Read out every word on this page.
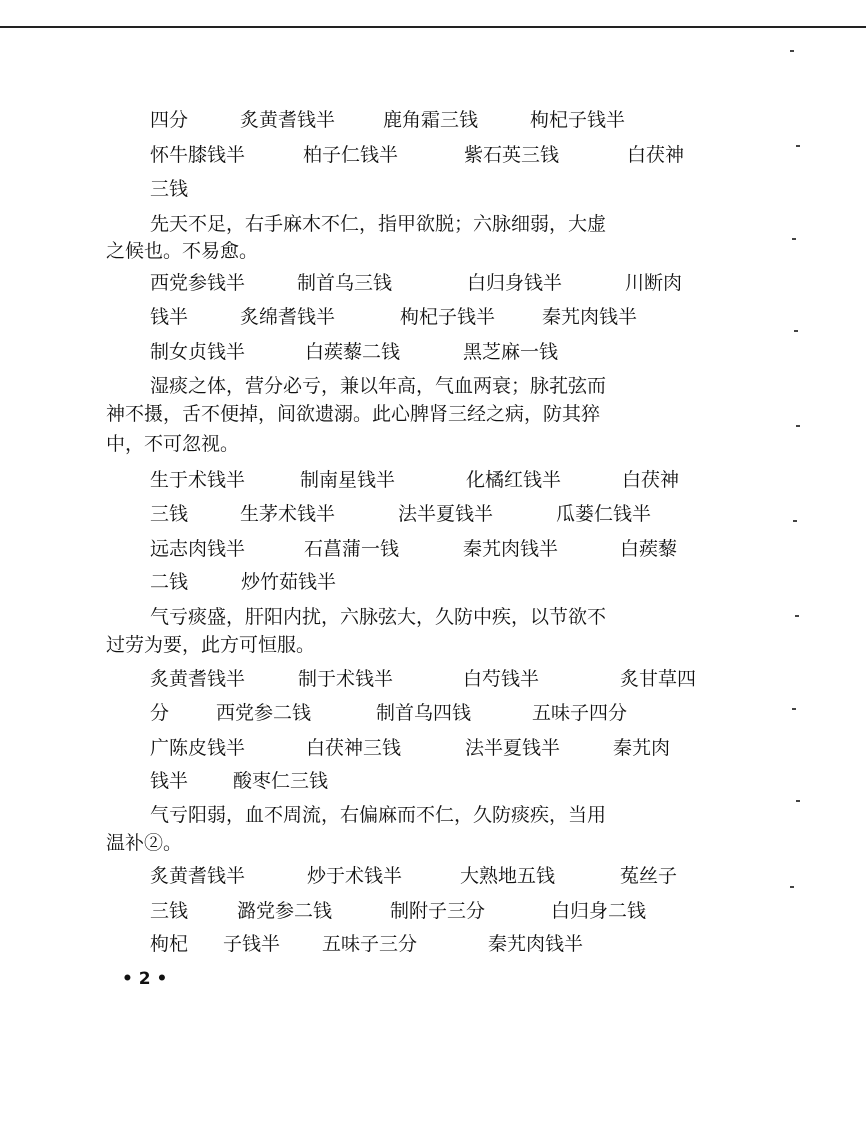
先天不足，右手麻木不仁，指甲欲脱；六脉细弱，大虚
之候也。不易愈。
湿痰之体，营分必亏，兼以年高，气血两衰；脉芤弦而
神不摄，舌不便掉，间欲遗溺。此心脾肾三经之病，防其猝
中，不可忽视。
气亏痰盛，肝阳内扰，六脉弦大，久防中疾，以节欲不
过劳为要，此方可恒服。
气亏阳弱，血不周流，右偏麻而不仁，久防痰疾，当用
温补②。
四分	炙黄耆钱半	鹿角霜三钱	枸杞子钱半
怀牛膝钱半	柏子仁钱半	紫石英三钱	白茯神
三钱
西党参钱半	制首乌三钱	白归身钱半	川断肉
钱半	炙绵耆钱半	枸杞子钱半 秦艽肉钱半
制女贞钱半	白蒺藜二钱	黑芝麻一钱
生于术钱半	制南星钱半	化橘红钱半	白茯神
三钱	生茅术钱半	法半夏钱半	瓜蒌仁钱半
远志肉钱半	石菖蒲一钱	秦艽肉钱半	白蒺藜
二钱	炒竹茹钱半
炙黄耆钱半	制于术钱半	白芍钱半	炙甘草四
分 西党参二钱	制首乌四钱	五味子四分
广陈皮钱半	白茯神三钱	法半夏钱半	秦艽肉
钱半 酸枣仁三钱
炙黄耆钱半	炒于术钱半	大熟地五钱	菟丝子
三钱	潞党参二钱	制附子三分	白归身二钱
枸杞 子钱半 五味子三分	秦艽肉钱半
• 2 •
